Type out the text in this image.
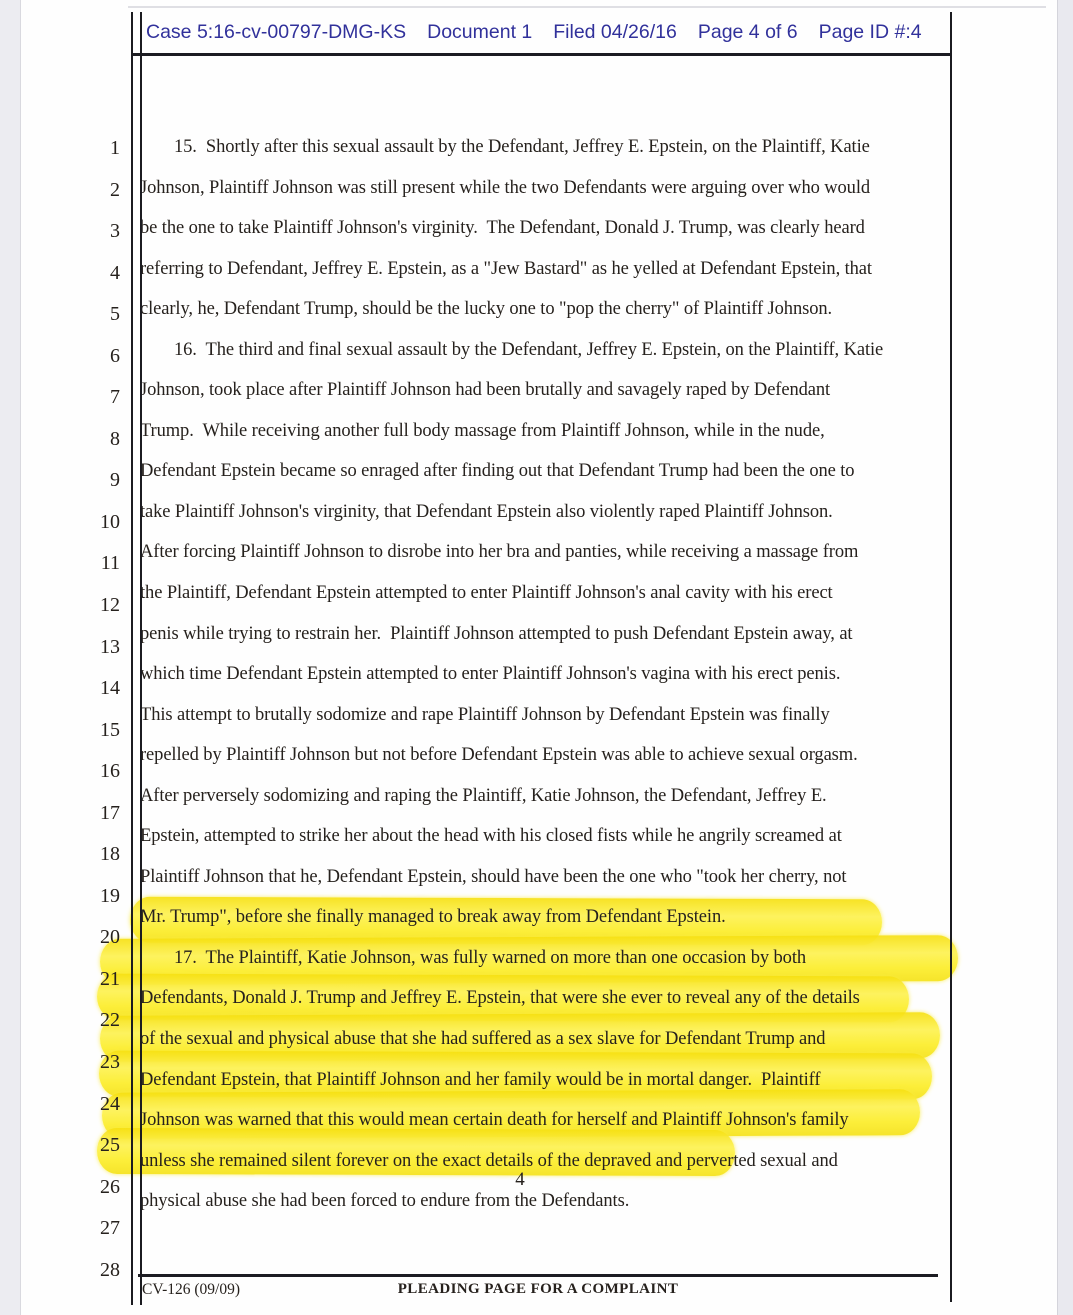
Case 5:16-cv-00797-DMG-KS Document 1 Filed 04/26/16 Page 4 of 6 Page ID #:4
1
2
3
4
5
6
7
8
9
10
11
12
13
14
15
16
17
18
19
20
21
22
23
24
25
26
27
28
15.  Shortly after this sexual assault by the Defendant, Jeffrey E. Epstein, on the Plaintiff, Katie
Johnson, Plaintiff Johnson was still present while the two Defendants were arguing over who would
be the one to take Plaintiff Johnson's virginity.  The Defendant, Donald J. Trump, was clearly heard
referring to Defendant, Jeffrey E. Epstein, as a "Jew Bastard" as he yelled at Defendant Epstein, that
clearly, he, Defendant Trump, should be the lucky one to "pop the cherry" of Plaintiff Johnson.
16.  The third and final sexual assault by the Defendant, Jeffrey E. Epstein, on the Plaintiff, Katie
Johnson, took place after Plaintiff Johnson had been brutally and savagely raped by Defendant
Trump.  While receiving another full body massage from Plaintiff Johnson, while in the nude,
Defendant Epstein became so enraged after finding out that Defendant Trump had been the one to
take Plaintiff Johnson's virginity, that Defendant Epstein also violently raped Plaintiff Johnson.
After forcing Plaintiff Johnson to disrobe into her bra and panties, while receiving a massage from
the Plaintiff, Defendant Epstein attempted to enter Plaintiff Johnson's anal cavity with his erect
penis while trying to restrain her.  Plaintiff Johnson attempted to push Defendant Epstein away, at
which time Defendant Epstein attempted to enter Plaintiff Johnson's vagina with his erect penis.
This attempt to brutally sodomize and rape Plaintiff Johnson by Defendant Epstein was finally
repelled by Plaintiff Johnson but not before Defendant Epstein was able to achieve sexual orgasm.
After perversely sodomizing and raping the Plaintiff, Katie Johnson, the Defendant, Jeffrey E.
Epstein, attempted to strike her about the head with his closed fists while he angrily screamed at
Plaintiff Johnson that he, Defendant Epstein, should have been the one who "took her cherry, not
Mr. Trump", before she finally managed to break away from Defendant Epstein.
17.  The Plaintiff, Katie Johnson, was fully warned on more than one occasion by both
Defendants, Donald J. Trump and Jeffrey E. Epstein, that were she ever to reveal any of the details
of the sexual and physical abuse that she had suffered as a sex slave for Defendant Trump and
Defendant Epstein, that Plaintiff Johnson and her family would be in mortal danger.  Plaintiff
Johnson was warned that this would mean certain death for herself and Plaintiff Johnson's family
unless she remained silent forever on the exact details of the depraved and perverted sexual and
physical abuse she had been forced to endure from the Defendants.
4
CV-126 (09/09)	PLEADING PAGE FOR A COMPLAINT
